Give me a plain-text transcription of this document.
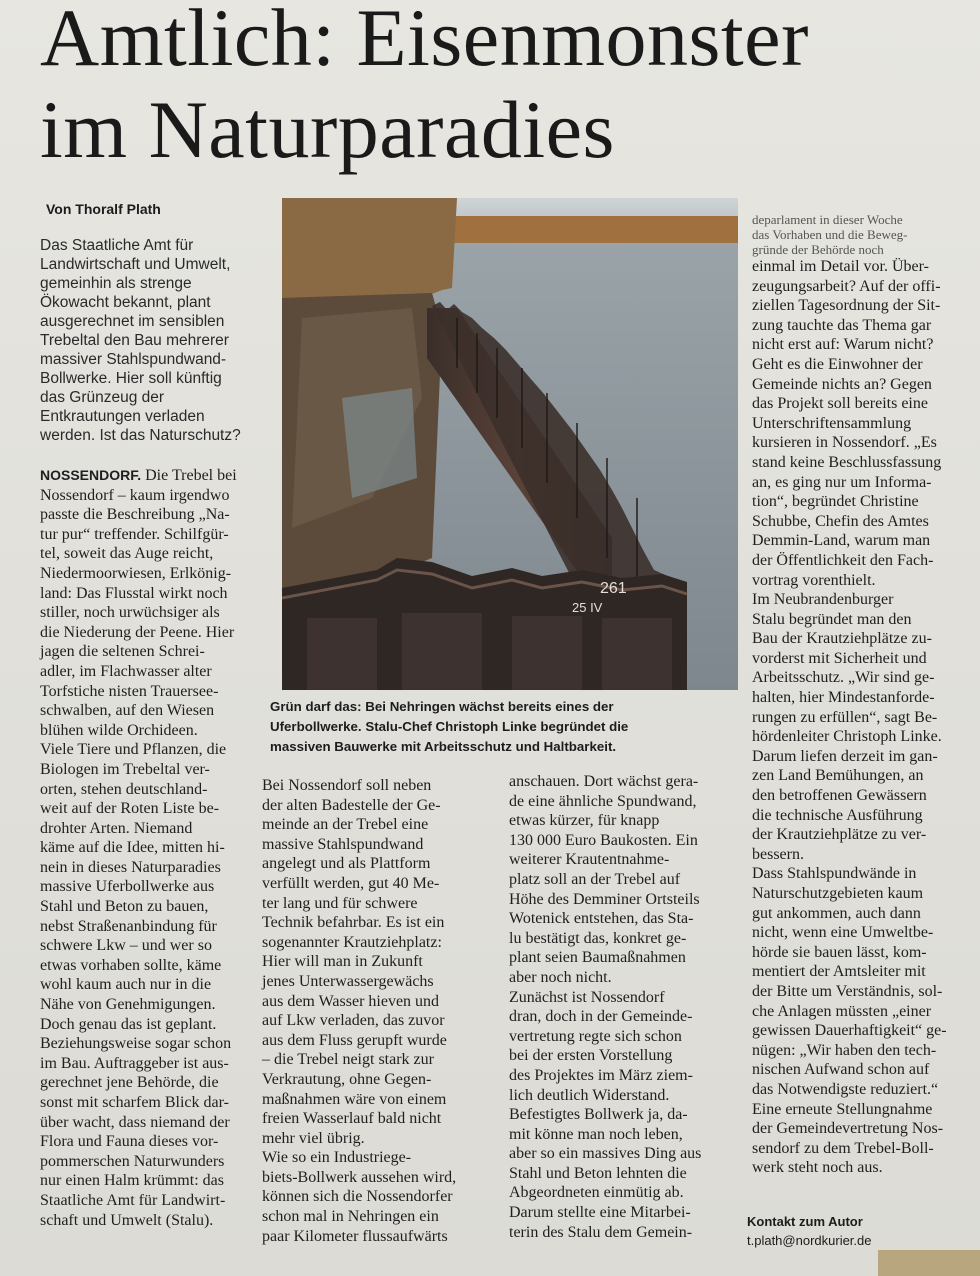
Amtlich: Eisenmonster
im Naturparadies
Von Thoralf Plath
Das Staatliche Amt für
Landwirtschaft und Umwelt,
gemeinhin als strenge
Ökowacht bekannt, plant
ausgerechnet im sensiblen
Trebeltal den Bau mehrerer
massiver Stahlspundwand-
Bollwerke. Hier soll künftig
das Grünzeug der
Entkrautungen verladen
werden. Ist das Naturschutz?
NOSSENDORF. Die Trebel bei
Nossendorf – kaum irgendwo
passte die Beschreibung „Na-
tur pur“ treffender. Schilfgür-
tel, soweit das Auge reicht,
Niedermoorwiesen, Erlkönig-
land: Das Flusstal wirkt noch
stiller, noch urwüchsiger als
die Niederung der Peene. Hier
jagen die seltenen Schrei-
adler, im Flachwasser alter
Torfstiche nisten Trauersee-
schwalben, auf den Wiesen
blühen wilde Orchideen.
Viele Tiere und Pflanzen, die
Biologen im Trebeltal ver-
orten, stehen deutschland-
weit auf der Roten Liste be-
drohter Arten. Niemand
käme auf die Idee, mitten hi-
nein in dieses Naturparadies
massive Uferbollwerke aus
Stahl und Beton zu bauen,
nebst Straßenanbindung für
schwere Lkw – und wer so
etwas vorhaben sollte, käme
wohl kaum auch nur in die
Nähe von Genehmigungen.
Doch genau das ist geplant.
Beziehungsweise sogar schon
im Bau. Auftraggeber ist aus-
gerechnet jene Behörde, die
sonst mit scharfem Blick dar-
über wacht, dass niemand der
Flora und Fauna dieses vor-
pommerschen Naturwunders
nur einen Halm krümmt: das
Staatliche Amt für Landwirt-
schaft und Umwelt (Stalu).
261
25 IV
Grün darf das: Bei Nehringen wächst bereits eines der
Uferbollwerke. Stalu-Chef Christoph Linke begründet die
massiven Bauwerke mit Arbeitsschutz und Haltbarkeit.
Bei Nossendorf soll neben
der alten Badestelle der Ge-
meinde an der Trebel eine
massive Stahlspundwand
angelegt und als Plattform
verfüllt werden, gut 40 Me-
ter lang und für schwere
Technik befahrbar. Es ist ein
sogenannter Krautziehplatz:
Hier will man in Zukunft
jenes Unterwassergewächs
aus dem Wasser hieven und
auf Lkw verladen, das zuvor
aus dem Fluss gerupft wurde
– die Trebel neigt stark zur
Verkrautung, ohne Gegen-
maßnahmen wäre von einem
freien Wasserlauf bald nicht
mehr viel übrig.
Wie so ein Industriege-
biets-Bollwerk aussehen wird,
können sich die Nossendorfer
schon mal in Nehringen ein
paar Kilometer flussaufwärts
anschauen. Dort wächst gera-
de eine ähnliche Spundwand,
etwas kürzer, für knapp
130 000 Euro Baukosten. Ein
weiterer Krautentnahme-
platz soll an der Trebel auf
Höhe des Demminer Ortsteils
Wotenick entstehen, das Sta-
lu bestätigt das, konkret ge-
plant seien Baumaßnahmen
aber noch nicht.
Zunächst ist Nossendorf
dran, doch in der Gemeinde-
vertretung regte sich schon
bei der ersten Vorstellung
des Projektes im März ziem-
lich deutlich Widerstand.
Befestigtes Bollwerk ja, da-
mit könne man noch leben,
aber so ein massives Ding aus
Stahl und Beton lehnten die
Abgeordneten einmütig ab.
Darum stellte eine Mitarbei-
terin des Stalu dem Gemein-
deparlament in dieser Woche
das Vorhaben und die Beweg-
gründe der Behörde noch
einmal im Detail vor. Über-
zeugungsarbeit? Auf der offi-
ziellen Tagesordnung der Sit-
zung tauchte das Thema gar
nicht erst auf: Warum nicht?
Geht es die Einwohner der
Gemeinde nichts an? Gegen
das Projekt soll bereits eine
Unterschriftensammlung
kursieren in Nossendorf. „Es
stand keine Beschlussfassung
an, es ging nur um Informa-
tion“, begründet Christine
Schubbe, Chefin des Amtes
Demmin-Land, warum man
der Öffentlichkeit den Fach-
vortrag vorenthielt.
Im Neubrandenburger
Stalu begründet man den
Bau der Krautziehplätze zu-
vorderst mit Sicherheit und
Arbeitsschutz. „Wir sind ge-
halten, hier Mindestanforde-
rungen zu erfüllen“, sagt Be-
hördenleiter Christoph Linke.
Darum liefen derzeit im gan-
zen Land Bemühungen, an
den betroffenen Gewässern
die technische Ausführung
der Krautziehplätze zu ver-
bessern.
Dass Stahlspundwände in
Naturschutzgebieten kaum
gut ankommen, auch dann
nicht, wenn eine Umweltbe-
hörde sie bauen lässt, kom-
mentiert der Amtsleiter mit
der Bitte um Verständnis, sol-
che Anlagen müssten „einer
gewissen Dauerhaftigkeit“ ge-
nügen: „Wir haben den tech-
nischen Aufwand schon auf
das Notwendigste reduziert.“
Eine erneute Stellungnahme
der Gemeindevertretung Nos-
sendorf zu dem Trebel-Boll-
werk steht noch aus.
Kontakt zum Autor
t.plath@nordkurier.de
